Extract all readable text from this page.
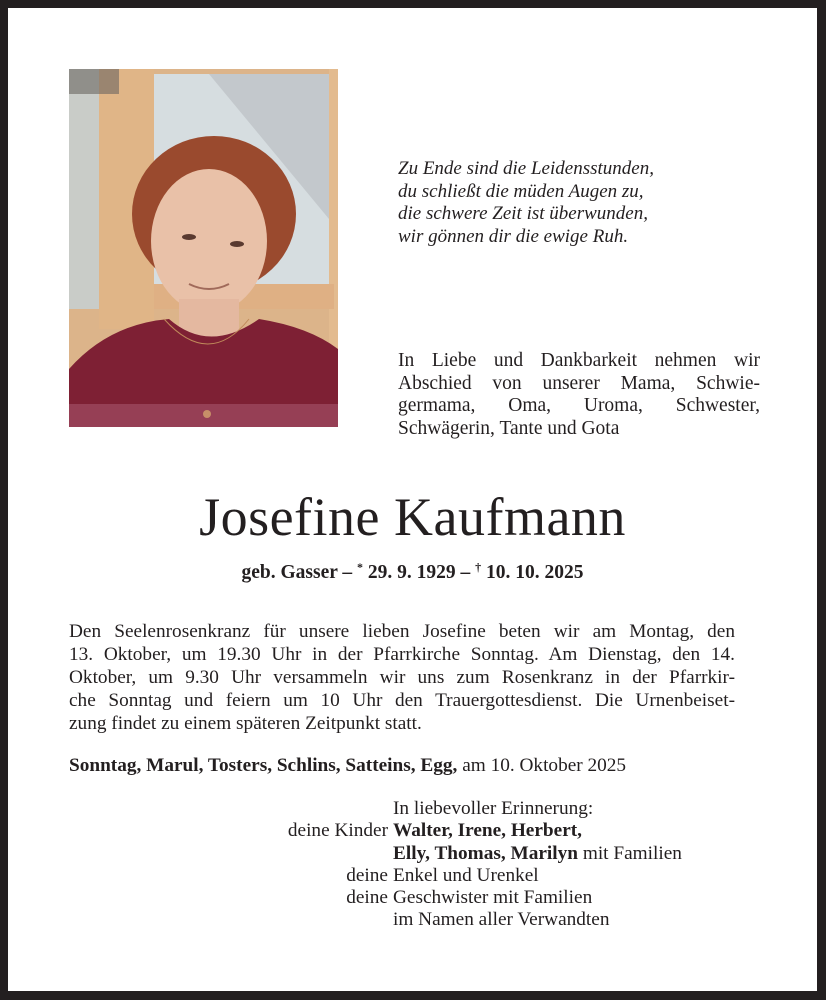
Zu Ende sind die Leidensstunden,
du schließt die müden Augen zu,
die schwere Zeit ist überwunden,
wir gönnen dir die ewige Ruh.
In Liebe und Dankbarkeit nehmen wir
Abschied von unserer Mama, Schwie-
germama, Oma, Uroma, Schwester,
Schwägerin, Tante und Gota
Josefine Kaufmann
geb. Gasser – * 29. 9. 1929 – † 10. 10. 2025
Den Seelenrosenkranz für unsere lieben Josefine beten wir am Montag, den
13. Oktober, um 19.30 Uhr in der Pfarrkirche Sonntag. Am Dienstag, den 14.
Oktober, um 9.30 Uhr versammeln wir uns zum Rosenkranz in der Pfarrkir-
che Sonntag und feiern um 10 Uhr den Trauergottesdienst. Die Urnenbeiset-
zung findet zu einem späteren Zeitpunkt statt.
Sonntag, Marul, Tosters, Schlins, Satteins, Egg, am 10. Oktober 2025
In liebevoller Erinnerung:
deine Kinder Walter, Irene, Herbert,
Elly, Thomas, Marilyn mit Familien
deine Enkel und Urenkel
deine Geschwister mit Familien
im Namen aller Verwandten
